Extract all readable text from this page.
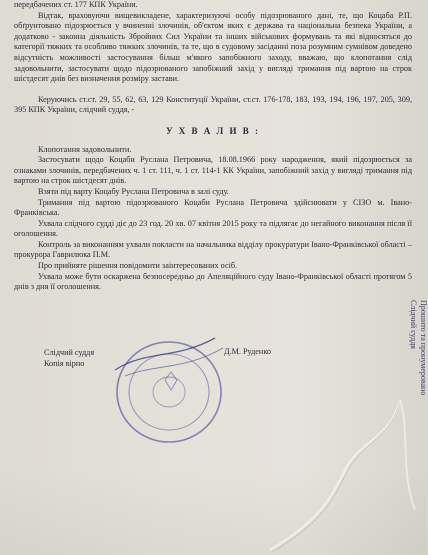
передбачених ст. 177 КПК України.

Відтак, враховуючи вищевикладене, характеризуючі особу підозрюваного дані, те, що Коцаба Р.П. обґрунтовано підозрюється у вчиненні злочинів, об'єктом яких є держава та національна безпека України, а додатково - законна діяльність Збройних Сил України та інших військових формувань та які відносяться до категорії тяжких та особливо тяжких злочинів, та те, що в судовому засіданні поза розумним сумнівом доведено відсутність можливості застосування більш м'якого запобіжного заходу, вважаю, що клопотання слід задовольнити, застосувати щодо підозрюваного запобіжний захід у вигляді тримання під вартою на строк шістдесят днів без визначення розміру застави.

Керуючись ст.ст. 29, 55, 62, 63, 129 Конституції України, ст.ст. 176-178, 183, 193, 194, 196, 197, 205, 309, 395 КПК України, слідчий суддя, -

У Х В А Л И В :

Клопотання задовольнити.

Застосувати щодо Коцаби Руслана Петровича, 18.08.1966 року народження, який підозрюється за ознаками злочинів, передбачених ч. 1 ст. 111, ч. 1 ст. 114-1 КК України, запобіжний захід у вигляді тримання під вартою на строк шістдесят днів.

Взяти під варту Коцабу Руслана Петровича в залі суду.

Тримання під вартою підозрюваного Коцаби Руслана Петровича здійснювати у СІЗО м. Івано-Франківська.

Ухвала слідчого судді діє до 23 год. 20 хв. 07 квітня 2015 року та підлягає до негайного виконання після її оголошення.

Контроль за виконанням ухвали покласти на начальника відділу прокуратури Івано-Франківської області – прокурора Гаврилюка П.М.

Про прийняте рішення повідомити заінтересованих осіб.

Ухвала може бути оскаржена безпосередньо до Апеляційного суду Івано-Франківської області протягом 5 днів з дня її оголошення.

Слідчий суддя
Копія вірно
Д.М. Руденко	Прошито та пронумеровано
Слідчий суддя
